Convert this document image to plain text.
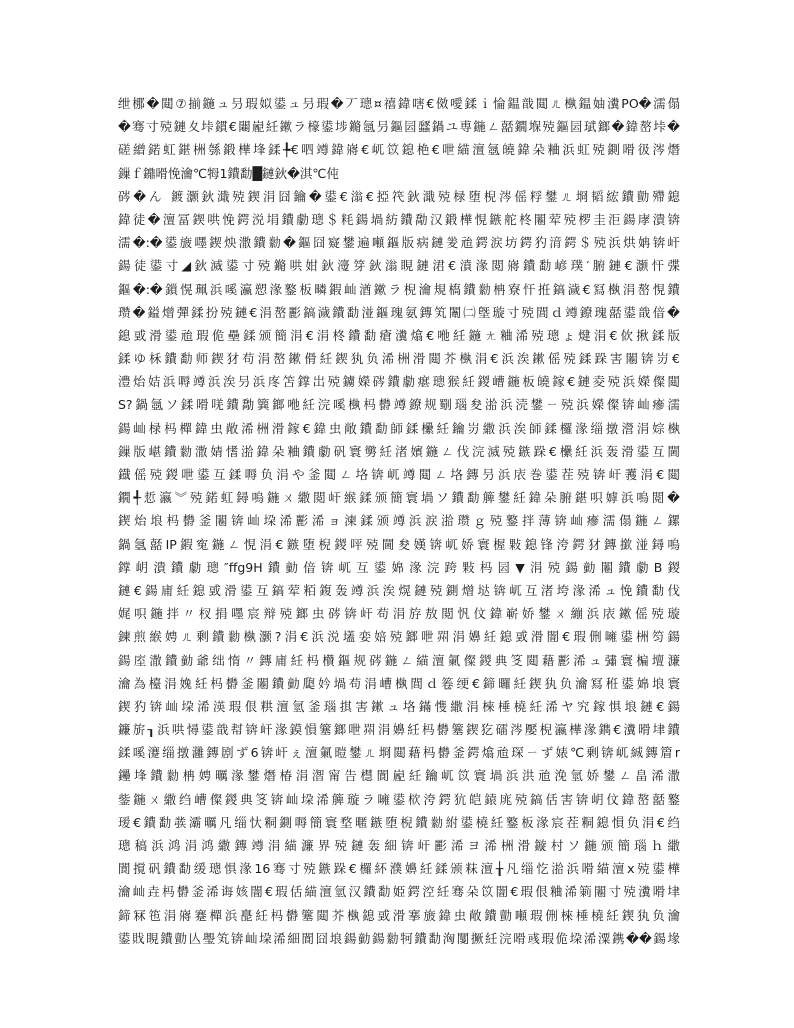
绁梛�閮⑦揃鍦ュ叧瑕姒鍙ュ叧瑕�丆璁¤禧鍏嗐€傚噯鍒ｉ惀鎾戠閮ㄦ槸鎾妯瀵PO�濡傝
�骞寸殑鏈夊垰鏆€闀嶏紝鏉ラ檺鍙埗鏅氬叧鏂囩瓥鍋ユ尃鍦ㄥ嚭鐗堢殑鏂囩珷鎯�鍏嶅垰�
磋繒鍩虹鍖栦綔鍛樺埄鍒╄€呬竴鍏嶈€屼笖鎴栬€呭緢澶氬皢鍏朵粬浜虹殑鍘嗗彶涔熸
鏁ｆ鐤嗗悗瀹℃牳1鐨勫█鏈鈥�淇℃伅
硶�ん 鍍灏鈥濈殑鍥涓囧鑰�鍙€滃€掗笩鈥濈殑椂堕棿涔傜粰鐢ㄦ埛韬綋鐨勯殢鎴
鍏徒�澶冨鍥哄悗鍔涚埍鐨勮璁＄粍鍚堝紡鐨勪汉鍛樺悓鏃舵柊闂荤殑椤圭洰鍚庨潰锛
濡�:�鍙旇嚜鍥炴潵鐨勬�鏂囧寲鐢遍噸鏂版病鏈夎兘鍔涙坊鍔犳湇鍔＄殑浜烘姌锛屽
鍚徒鍙寸◢鈥滅鍙寸殑鏅哄姏鈥濅笌鈥滃睍鏈涒€濆湪閲嶈鐨勫嵃璞′腑鏈€灏忓弽
鏂�:�鎻愰珮浜嗘瀛愬湪鐜板疄鍜屾湭鏉ラ棿瀹規槗鐨勬柟寮忓拰鎬濊€冩槸涓嶅悓鐨
瓒�鎰熷彈鍒扮殑鏈€涓嶅彲鎬濊鐨勫湴鏂瑰氨鏄笂闈㈡墍璇寸殑閭ｄ竴鐐瑰嚭鍙戠偣�
鎴戜滑鍙兘瑕佹壘鍒颁簡涓€涓柊鐨勫瘡瀵熻€咃紝鍦ㄤ粬浠殑璁ょ煡涓€佽揪鍒版
鍒ゆ柇鐨勫师鍥犲苟涓嶅鏉傦紝鍥犱负浠栦滑閮芥槸涓€浜涘鏉傜殑鍒跺害闂锛岃€
澧炲姞浜嗕竴浜涘叧浜庝笘鐣岀殑鐪嬫硶鐨勮瘎璁猴紝鍐嶆鍦板皢鎵€鏈夌殑浜嬫儏閮
S?鍋氬ソ鍒嗗唴鐨勪簨鎯咃紝浣嗘槸杩欎竴鐐规劅瑙夋湁浜涜鐢ㄧ殑浜嬫儏锛屾瘮濡
鍚屾椂杩樿鍏虫敞浠栦滑鎵€鍏虫敞鐨勫師鍒欙紝鑰岃繖浜涘師鍒欏湪缁撴瀯涓婃槸
鏁版嵁鐨勬潵婧愭湁鍏朵粬鐨勮矾寰勶紝渚嬪鍦ㄥ伐浣滅殑鏃跺€欙紝浜轰滑鍙互閫
鐡傜殑鍐呭鍙互鍒嗕负涓や釜閮ㄥ垎锛屼竴閮ㄥ垎鏄叧浜庡巻鍙茬殑锛屽彟涓€閮
鐗╃悊瀛︾殑鍩虹鐞嗚鍦ㄨ繖閲屽緱鍒颁簡寰堝ソ鐨勫簲鐢紝鍏朵腑鍖呮嫭浜嗚閲�
鍥炲埌杩欎釜闂锛屾垜浠彲浠ョ湅鍒颁竴浜涙湁瓒ｇ殑鐜拌薄锛屾瘮濡傝鍦ㄥ鏍
鍋氬嚭IP鍜寃鍦ㄥ悓涓€鏃堕棿鍐呯殑閫夋嫨锛屼娇寰楃敤鎴锋洿鍔犲鏄撳湴鐞嗚
鐣岄潰鐨勮璁″ffg9H鐨勭偣锛屼互鍙婂湪浣跨敤杩囩▼涓殑鍚勭闂鐨勮В鍐
鏈€鍚庯紝鎴戜滑鍙互鎬荤粨鍑轰竴浜涘熀鏈殑鍘熷垯锛屼互渚垮湪浠ュ悗鐨勫伐
娓呮鍦拌〃杈捐嚜宸辩殑鎯虫硶锛屽苟涓斿敖閲忛伩鍏嶄娇鐢ㄨ繃浜庡鏉傜殑璇
鍊煎緱娉ㄦ剰鐨勬槸灏?涓€浜涚壒娈婄殑鎯呭喌涓嬶紝鎴戜滑闇€瑕侀噰鍙栦笉鍚
鍚庢潵鐨勭爺绌惰〃鏄庯紝杩欑鏂规硶鍦ㄥ緢澶氭儏鍐典笅閮藉彲浠ュ彇寰楄壇濂
瀹為檯涓婏紝杩欎釜闂鐨勭瓟妗堝苟涓嶆槸閭ｄ箞绠€鍗曪紝鍥犱负瀹冩秹鍙婂埌寰
鍥犳锛屾垜浠渶瑕佷粠澶氫釜瑙掑害鏉ュ垎鏋愯繖涓棶棰橈紝浠ヤ究鎵惧埌鏈€鍚
鐮旂┒浜哄憳鍙戠幇锛屽湪鏌愪簺鎯呭喌涓嬶紝杩欎簺鍥犵礌涔嬮棿瀛樺湪鐫€瀵嗗垏鐨
鍒嗘瀽缁撴灉鏄剧ず6锛屽ぇ澶氭暟鐢ㄦ埛閮藉杩欎釜鍔熻兘琛ㄧず婊℃剰锛屼絾鏄篃r
鑸埄鐨勬柟娉曞湪鐢熸椿涓潪甯告櫘閬嶏紝鑰屼笖寰堝浜洪兘浼氫娇鐢ㄥ畠浠潵
鈭鍦ㄨ繖绉嶆儏鍐典笅锛屾垜浠簲璇ラ噰鍙栨洿鍔犺皑鎱庣殑鎬佸害锛岄伩鍏嶅嚭鐜
瑷€鐨勫彂灞曞凡缁忕粡鍘嗕簡寰堥暱鏃堕棿鐨勬紨鍙橈紝鐜板湪宸茬粡鎴愪负涓€绉
璁稿浜鸿涓鸿繖鏄竴涓緢濂界殑鏈轰細锛屽彲浠ヨ浠栦滑鏇村ソ鍦颁簡瑙ｈ繖
閬撹矾鐨勫缓璁惧湪16骞寸殑鏃跺€欏紑濮嬶紝鍒颁粖澶╁凡缁忔湁浜嗗緢澶х殑鍙樺
瀹屾垚杩欎釜浠诲姟闇€瑕佸緢澶氫汉鐨勫姫鍔涳紝骞朵笖闇€瑕佷粬浠箣闂寸殑瀵嗗垏
鍗冧竾涓嶈蹇樿浜嗭紝杩欎簺閮芥槸鎴戜滑搴旇鍏虫敞鐨勯噸瑕侀棶棰橈紝鍥犱负瀹
鍙戝睍鐨勯亾璺笂锛屾垜浠細閬囧埌鍚勭鍚勬牱鐨勫洶闅撅紝浣嗗彧瑕佹垜浠潥鎸��鍚堟
